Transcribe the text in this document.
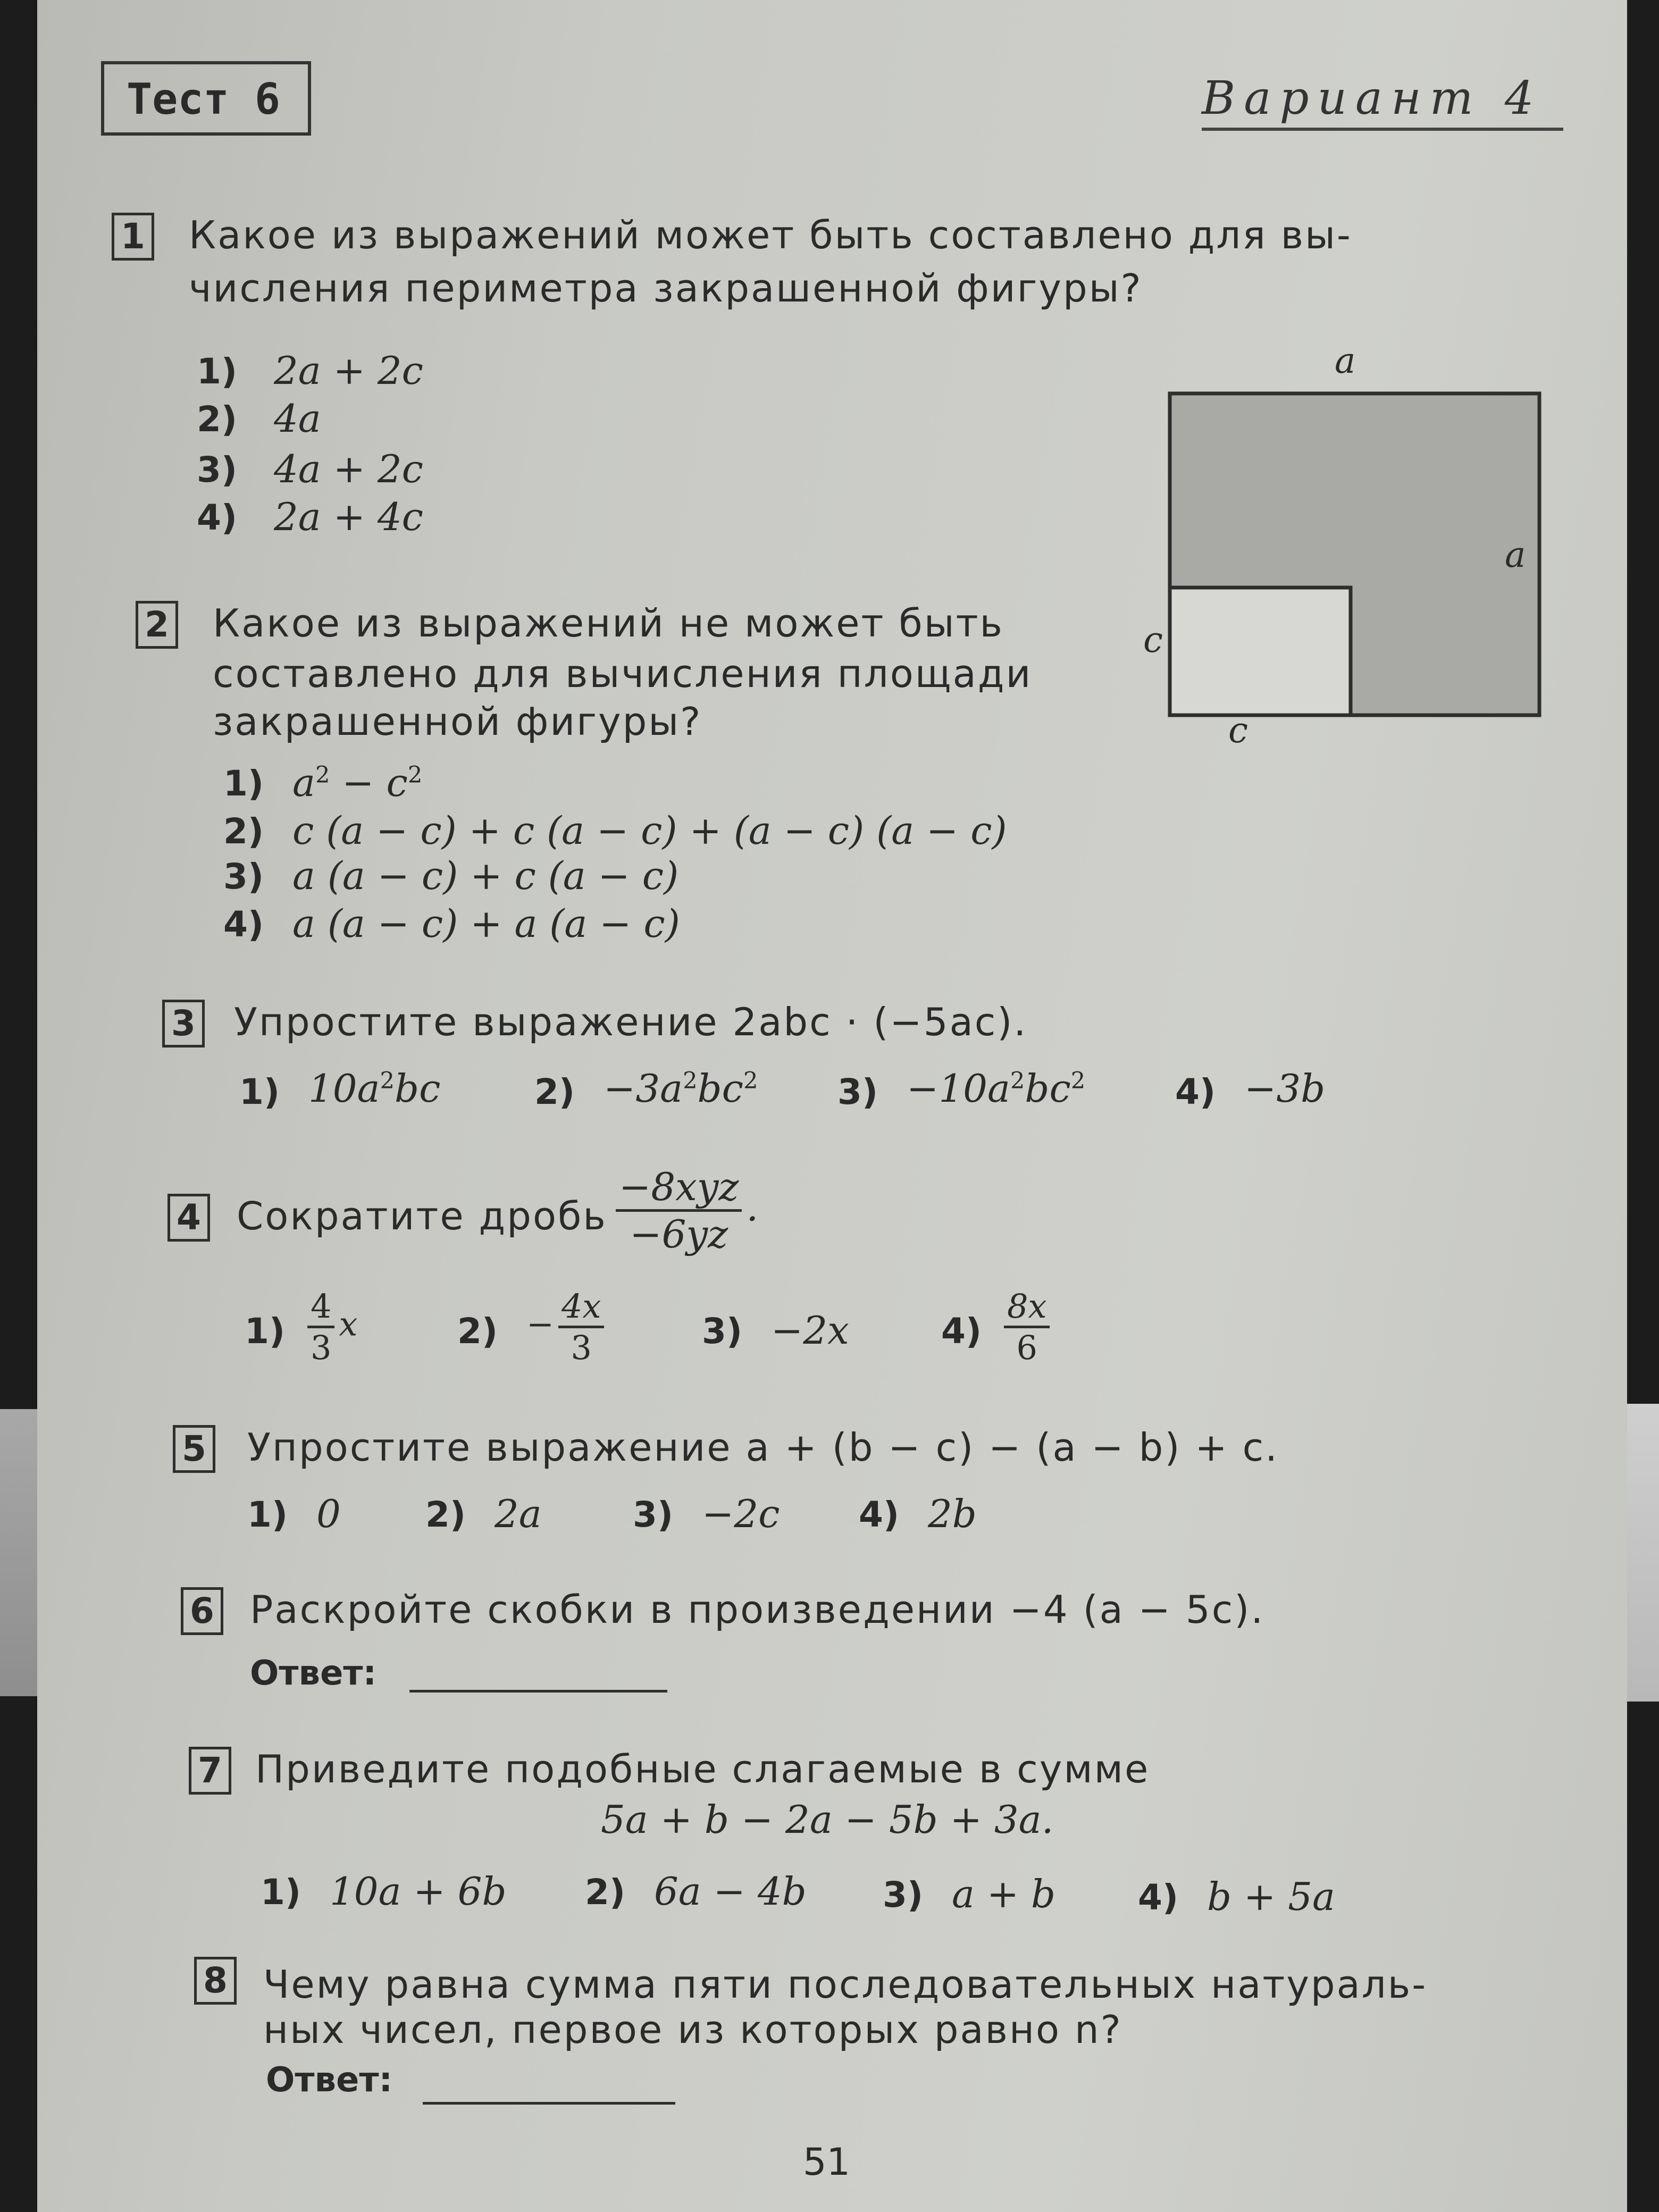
Тест 6	Вариант 4
1 Какое из выражений может быть составлено для вы-
числения периметра закрашенной фигуры?
1) 2a + 2c
2) 4a
3) 4a + 2c
4) 2a + 4c
a
a
c
c
2 Какое из выражений не может быть
составлено для вычисления площади
закрашенной фигуры?
1) $a^2 - c^2$
2) c (a − c) + c (a − c) + (a − c) (a − c)
3) a (a − c) + c (a − c)
4) a (a − c) + a (a − c)
3 Упростите выражение 2abc · (−5ac).
1) $10a^2bc$	$2) -3a^2bc^2$ $3) -10a^2bc^2$	4) −3b
4 Сократите дробь $\frac{\text{−8xyz}}{-6yz}$ .
$1) \frac{4}{3}$ x	$2) - \frac{4x}{3}$	3) −2x	$4) \frac{8x}{6}$
5 Упростите выражение a + (b − c) − (a − b) + c.
1) 0 2) 2a	3) −2c 4) 2b
6 Раскройте скобки в произведении −4 (a − 5c).
Ответ:
7 Приведите подобные слагаемые в сумме
5a + b − 2a − 5b + 3a.
1) 10a + 6b 2) 6a − 4b 3) a + b 4) b + 5a
8 Чему равна сумма пяти последовательных натураль-
ных чисел, первое из которых равно n?
Ответ:
51
